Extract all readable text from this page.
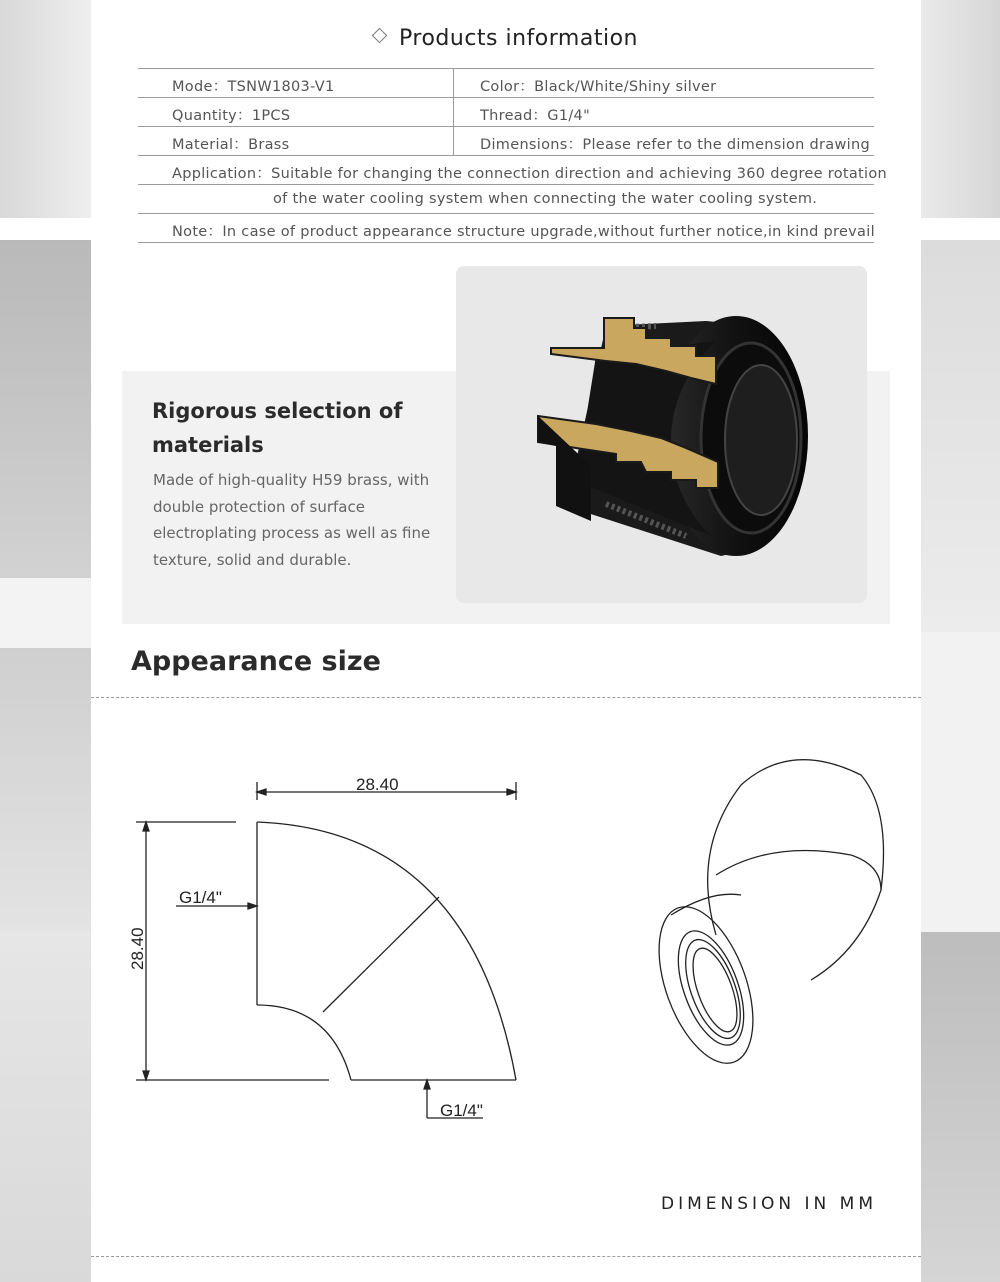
Products information
Mode：TSNW1803-V1	Color：Black/White/Shiny silver
Quantity：1PCS	Thread：G1/4"
Material：Brass	Dimensions：Please refer to the dimension drawing
Application：Suitable for changing the connection direction and achieving 360 degree rotation
of the water cooling system when connecting the water cooling system.
Note：In case of product appearance structure upgrade,without further notice,in kind prevail
Rigorous selection of materials
Made of high-quality H59 brass, with double protection of surface electroplating process as well as fine texture, solid and durable.
Appearance size
28.40
28.40
G1/4"
G1/4"
DIMENSION IN MM
